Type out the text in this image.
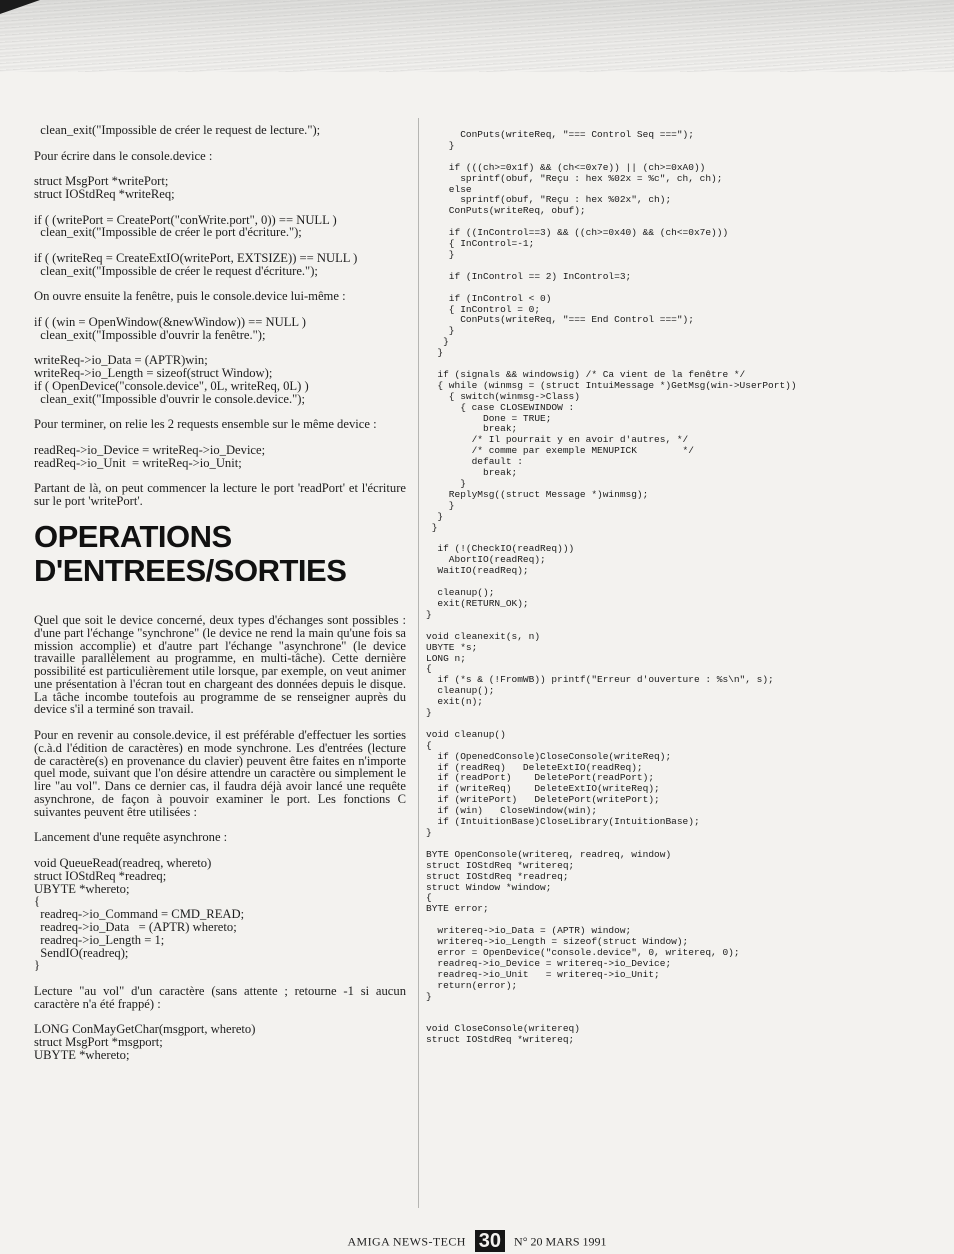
clean_exit("Impossible de créer le request de lecture.");
Pour écrire dans le console.device :
struct MsgPort *writePort;
struct IOStdReq *writeReq;
if ( (writePort = CreatePort("conWrite.port", 0)) == NULL )
clean_exit("Impossible de créer le port d'écriture.");
if ( (writeReq = CreateExtIO(writePort, EXTSIZE)) == NULL )
clean_exit("Impossible de créer le request d'écriture.");
On ouvre ensuite la fenêtre, puis le console.device lui-même :
if ( (win = OpenWindow(&newWindow)) == NULL )
clean_exit("Impossible d'ouvrir la fenêtre.");
writeReq->io_Data = (APTR)win;
writeReq->io_Length = sizeof(struct Window);
if ( OpenDevice("console.device", 0L, writeReq, 0L) )
clean_exit("Impossible d'ouvrir le console.device.");
Pour terminer, on relie les 2 requests ensemble sur le même device :
readReq->io_Device = writeReq->io_Device;
readReq->io_Unit  = writeReq->io_Unit;

Partant de là, on peut commencer la lecture le port 'readPort' et l'écriture sur le port 'writePort'.

OPERATIONS
D'ENTREES/SORTIES

Quel que soit le device concerné, deux types d'échanges sont possibles : d'une part l'échange "synchrone" (le device ne rend la main qu'une fois sa mission accomplie) et d'autre part l'échange "asynchrone" (le device travaille parallèlement au programme, en multi-tâche). Cette dernière possibilité est particulièrement utile lorsque, par exemple, on veut animer une présentation à l'écran tout en chargeant des données depuis le disque. La tâche incombe toutefois au programme de se renseigner auprès du device s'il a terminé son travail.

Pour en revenir au console.device, il est préférable d'effectuer les sorties (c.à.d l'édition de caractères) en mode synchrone. Les d'entrées (lecture de caractère(s) en provenance du clavier) peuvent être faites en n'importe quel mode, suivant que l'on désire attendre un caractère ou simplement le lire "au vol". Dans ce dernier cas, il faudra déjà avoir lancé une requête asynchrone, de façon à pouvoir examiner le port. Les fonctions C suivantes peuvent être utilisées :

Lancement d'une requête asynchrone :
void QueueRead(readreq, whereto)
struct IOStdReq *readreq;
UBYTE *whereto;
{
readreq->io_Command = CMD_READ;
readreq->io_Data   = (APTR) whereto;
readreq->io_Length = 1;
SendIO(readreq);
}

Lecture "au vol" d'un caractère (sans attente ; retourne -1 si aucun caractère n'a été frappé) :

LONG ConMayGetChar(msgport, whereto)
struct MsgPort *msgport;
UBYTE *whereto;
ConPuts(writeReq, "=== Control Seq ===");
}

if (((ch>=0x1f) && (ch<=0x7e)) || (ch>=0xA0))
sprintf(obuf, "Reçu : hex %02x = %c", ch, ch);
else
sprintf(obuf, "Reçu : hex %02x", ch);
ConPuts(writeReq, obuf);

if ((InControl==3) && ((ch>=0x40) && (ch<=0x7e)))
{ InControl=-1;
}

if (InControl == 2) InControl=3;

if (InControl < 0)
{ InControl = 0;
ConPuts(writeReq, "=== End Control ===");
}
}
}

if (signals && windowsig) /* Ca vient de la fenêtre */
{ while (winmsg = (struct IntuiMessage *)GetMsg(win->UserPort))
{ switch(winmsg->Class)
{ case CLOSEWINDOW :
Done = TRUE;
break;
/* Il pourrait y en avoir d'autres, */
/* comme par exemple MENUPICK        */
default :
break;
}
ReplyMsg((struct Message *)winmsg);
}
}
}

if (!(CheckIO(readReq)))
AbortIO(readReq);
WaitIO(readReq);

cleanup();
exit(RETURN_OK);
}

void cleanexit(s, n)
UBYTE *s;
LONG n;
{
if (*s & (!FromWB)) printf("Erreur d'ouverture : %s\n", s);
cleanup();
exit(n);
}

void cleanup()
{
if (OpenedConsole)CloseConsole(writeReq);
if (readReq)   DeleteExtIO(readReq);
if (readPort)    DeletePort(readPort);
if (writeReq)    DeleteExtIO(writeReq);
if (writePort)   DeletePort(writePort);
if (win)   CloseWindow(win);
if (IntuitionBase)CloseLibrary(IntuitionBase);
}

BYTE OpenConsole(writereq, readreq, window)
struct IOStdReq *writereq;
struct IOStdReq *readreq;
struct Window *window;
{
BYTE error;

writereq->io_Data = (APTR) window;
writereq->io_Length = sizeof(struct Window);
error = OpenDevice("console.device", 0, writereq, 0);
readreq->io_Device = writereq->io_Device;
readreq->io_Unit   = writereq->io_Unit;
return(error);
}

void CloseConsole(writereq)
struct IOStdReq *writereq;
AMIGA NEWS-TECH 30 N° 20 MARS 1991
